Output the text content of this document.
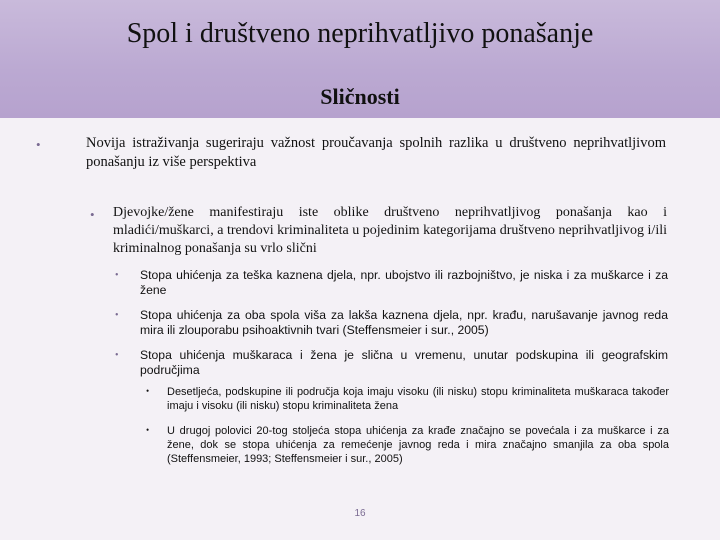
Spol i društveno neprihvatljivo ponašanje
Sličnosti
•	Novija istraživanja sugeriraju važnost proučavanja spolnih razlika u društveno neprihvatljivom ponašanju iz više perspektiva
• Djevojke/žene manifestiraju iste oblike društveno neprihvatljivog ponašanja kao i mladići/muškarci, a trendovi kriminaliteta u pojedinim kategorijama društveno neprihvatljivog i/ili kriminalnog ponašanja su vrlo slični
• Stopa uhićenja za teška kaznena djela, npr. ubojstvo ili razbojništvo, je niska i za muškarce i za žene
• Stopa uhićenja za oba spola viša za lakša kaznena djela, npr. krađu, narušavanje javnog reda mira ili zlouporabu psihoaktivnih tvari (Steffensmeier i sur., 2005)
• Stopa uhićenja muškaraca i žena je slična u vremenu, unutar podskupina ili geografskim područjima
• Desetljeća, podskupine ili područja koja imaju visoku (ili nisku) stopu kriminaliteta muškaraca također imaju i visoku (ili nisku) stopu kriminaliteta žena
• U drugoj polovici 20-tog stoljeća stopa uhićenja za krađe značajno se povećala i za muškarce i za žene, dok se stopa uhićenja za remećenje javnog reda i mira značajno smanjila za oba spola (Steffensmeier, 1993; Steffensmeier i sur., 2005)
16
